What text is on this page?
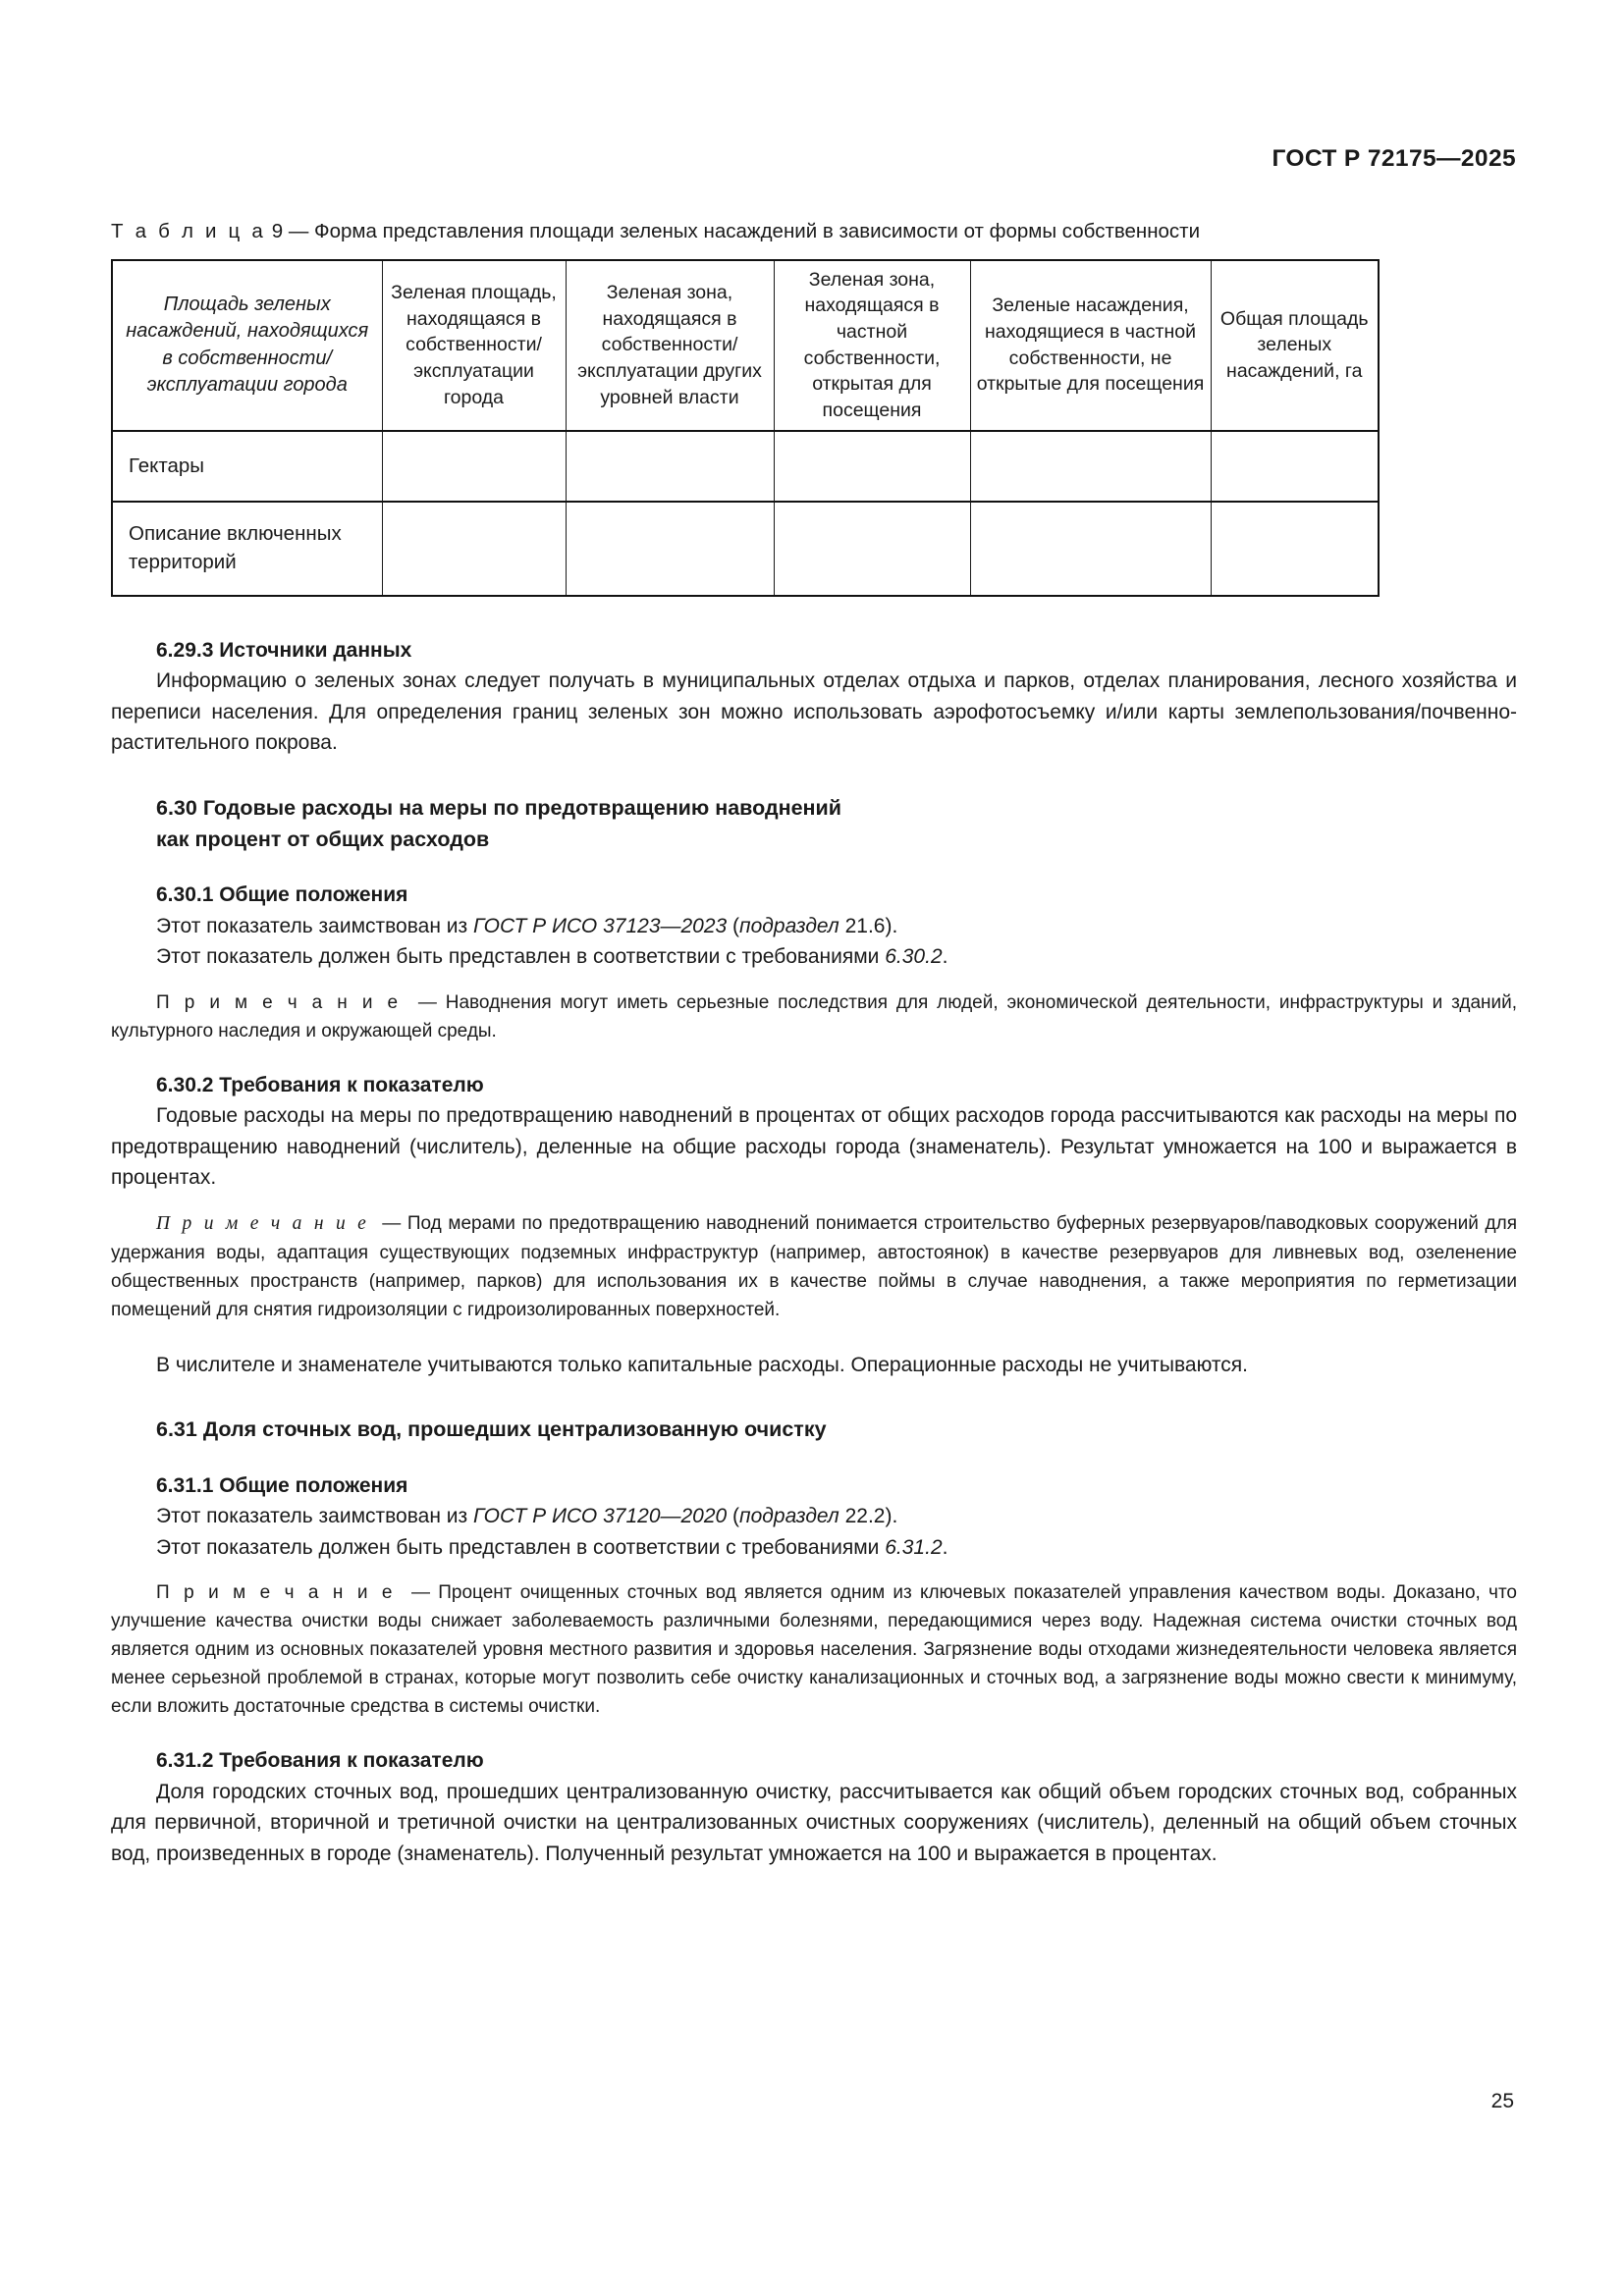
ГОСТ Р 72175—2025
Т а б л и ц а 9 — Форма представления площади зеленых насаждений в зависимости от формы собственности
Площадь зеленых насаждений, находящихся в собственности/ эксплуатации города	Зеленая площадь, находящаяся в собственности/ эксплуатации города	Зеленая зона, находящаяся в собственности/ эксплуатации других уровней власти	Зеленая зона, находящаяся в частной собственности, открытая для посещения	Зеленые насаждения, находящиеся в частной собственности, не открытые для посещения	Общая площадь зеленых насаждений, га
Гектары					
Описание включенных территорий					
6.29.3 Источники данных

Информацию о зеленых зонах следует получать в муниципальных отделах отдыха и парков, отделах планирования, лесного хозяйства и переписи населения. Для определения границ зеленых зон можно использовать аэрофотосъемку и/или карты землепользования/почвенно-растительного покрова.

6.30 Годовые расходы на меры по предотвращению наводнений
как процент от общих расходов
6.30.1 Общие положения

Этот показатель заимствован из ГОСТ Р ИСО 37123—2023 (подраздел 21.6).

Этот показатель должен быть представлен в соответствии с требованиями 6.30.2.

П р и м е ч а н и е — Наводнения могут иметь серьезные последствия для людей, экономической деятельности, инфраструктуры и зданий, культурного наследия и окружающей среды.

6.30.2 Требования к показателю

Годовые расходы на меры по предотвращению наводнений в процентах от общих расходов города рассчитываются как расходы на меры по предотвращению наводнений (числитель), деленные на общие расходы города (знаменатель). Результат умножается на 100 и выражается в процентах.

П р и м е ч а н и е — Под мерами по предотвращению наводнений понимается строительство буферных резервуаров/паводковых сооружений для удержания воды, адаптация существующих подземных инфраструктур (например, автостоянок) в качестве резервуаров для ливневых вод, озеленение общественных пространств (например, парков) для использования их в качестве поймы в случае наводнения, а также мероприятия по герметизации помещений для снятия гидроизоляции с гидроизолированных поверхностей.

В числителе и знаменателе учитываются только капитальные расходы. Операционные расходы не учитываются.

6.31 Доля сточных вод, прошедших централизованную очистку
6.31.1 Общие положения

Этот показатель заимствован из ГОСТ Р ИСО 37120—2020 (подраздел 22.2).

Этот показатель должен быть представлен в соответствии с требованиями 6.31.2.

П р и м е ч а н и е — Процент очищенных сточных вод является одним из ключевых показателей управления качеством воды. Доказано, что улучшение качества очистки воды снижает заболеваемость различными болезнями, передающимися через воду. Надежная система очистки сточных вод является одним из основных показателей уровня местного развития и здоровья населения. Загрязнение воды отходами жизнедеятельности человека является менее серьезной проблемой в странах, которые могут позволить себе очистку канализационных и сточных вод, а загрязнение воды можно свести к минимуму, если вложить достаточные средства в системы очистки.

6.31.2 Требования к показателю

Доля городских сточных вод, прошедших централизованную очистку, рассчитывается как общий объем городских сточных вод, собранных для первичной, вторичной и третичной очистки на централизованных очистных сооружениях (числитель), деленный на общий объем сточных вод, произведенных в городе (знаменатель). Полученный результат умножается на 100 и выражается в процентах.

25
